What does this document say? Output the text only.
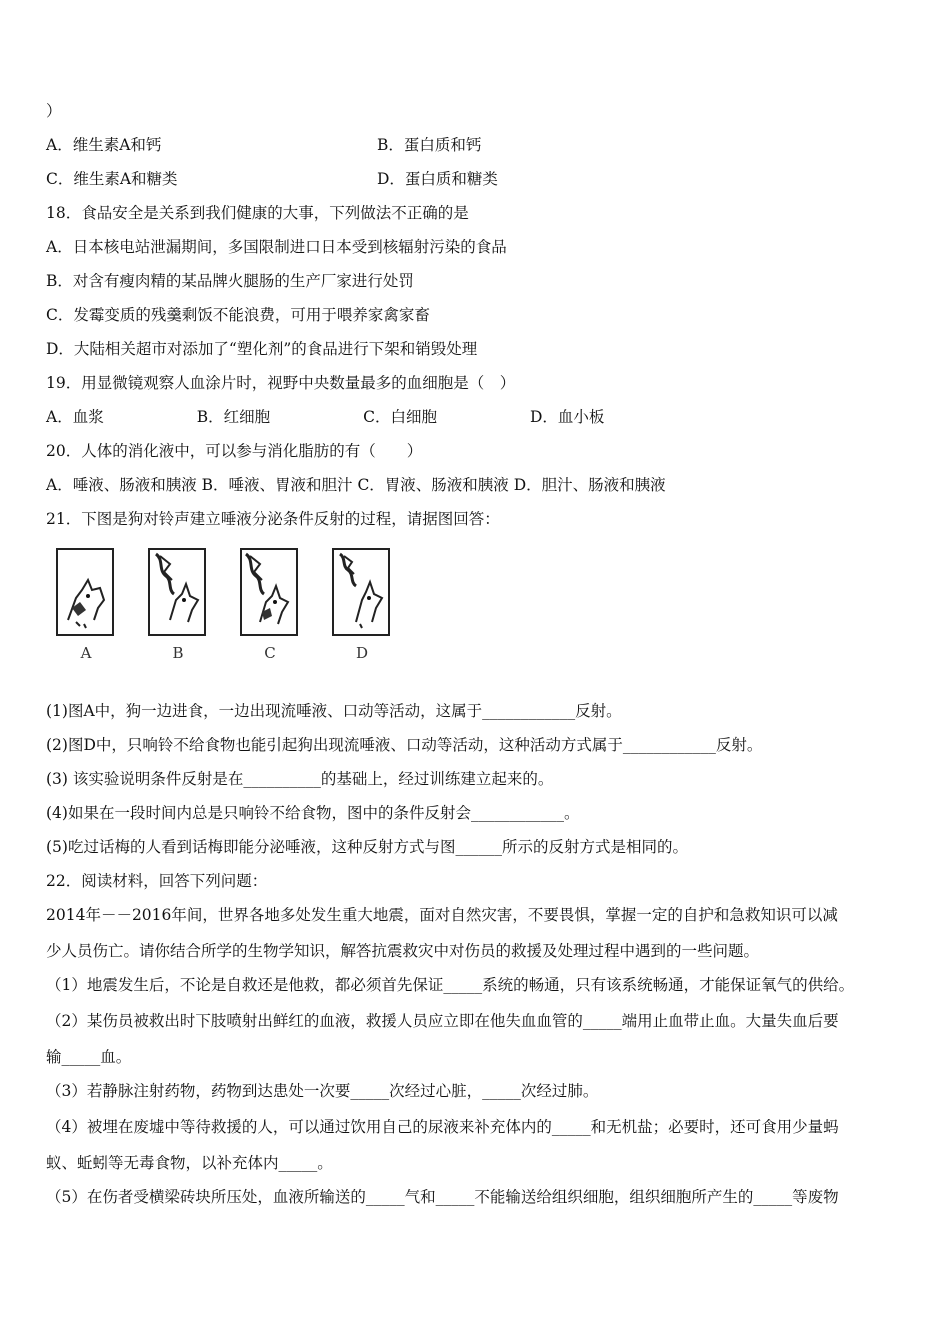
）
A．维生素A和钙	B．蛋白质和钙
C．维生素A和糖类	D．蛋白质和糖类
18．食品安全是关系到我们健康的大事，下列做法不正确的是
A．日本核电站泄漏期间，多国限制进口日本受到核辐射污染的食品
B．对含有瘦肉精的某品牌火腿肠的生产厂家进行处罚
C．发霉变质的残羹剩饭不能浪费，可用于喂养家禽家畜
D．大陆相关超市对添加了“塑化剂”的食品进行下架和销毁处理
19．用显微镜观察人血涂片时，视野中央数量最多的血细胞是（　）
A．血浆　　　　　　B．红细胞　　　　　　C．白细胞　　　　　　D．血小板
20．人体的消化液中，可以参与消化脂肪的有（　　）
A．唾液、肠液和胰液 B．唾液、胃液和胆汁 C．胃液、肠液和胰液 D．胆汁、肠液和胰液
21．下图是狗对铃声建立唾液分泌条件反射的过程，请据图回答：
A	B	C	D
(1)图A中，狗一边进食，一边出现流唾液、口动等活动，这属于____________反射。
(2)图D中，只响铃不给食物也能引起狗出现流唾液、口动等活动，这种活动方式属于____________反射。
(3) 该实验说明条件反射是在__________的基础上，经过训练建立起来的。
(4)如果在一段时间内总是只响铃不给食物，图中的条件反射会____________。
(5)吃过话梅的人看到话梅即能分泌唾液，这种反射方式与图______所示的反射方式是相同的。
22．阅读材料，回答下列问题：
2014年－－2016年间，世界各地多处发生重大地震，面对自然灾害，不要畏惧，掌握一定的自护和急救知识可以减
少人员伤亡。请你结合所学的生物学知识，解答抗震救灾中对伤员的救援及处理过程中遇到的一些问题。
（1）地震发生后，不论是自救还是他救，都必须首先保证_____系统的畅通，只有该系统畅通，才能保证氧气的供给。
（2）某伤员被救出时下肢喷射出鲜红的血液，救援人员应立即在他失血血管的_____端用止血带止血。大量失血后要
输_____血。
（3）若静脉注射药物，药物到达患处一次要_____次经过心脏，_____次经过肺。
（4）被埋在废墟中等待救援的人，可以通过饮用自己的尿液来补充体内的_____和无机盐；必要时，还可食用少量蚂
蚁、蚯蚓等无毒食物，以补充体内_____。
（5）在伤者受横梁砖块所压处，血液所输送的_____气和_____不能输送给组织细胞，组织细胞所产生的_____等废物
